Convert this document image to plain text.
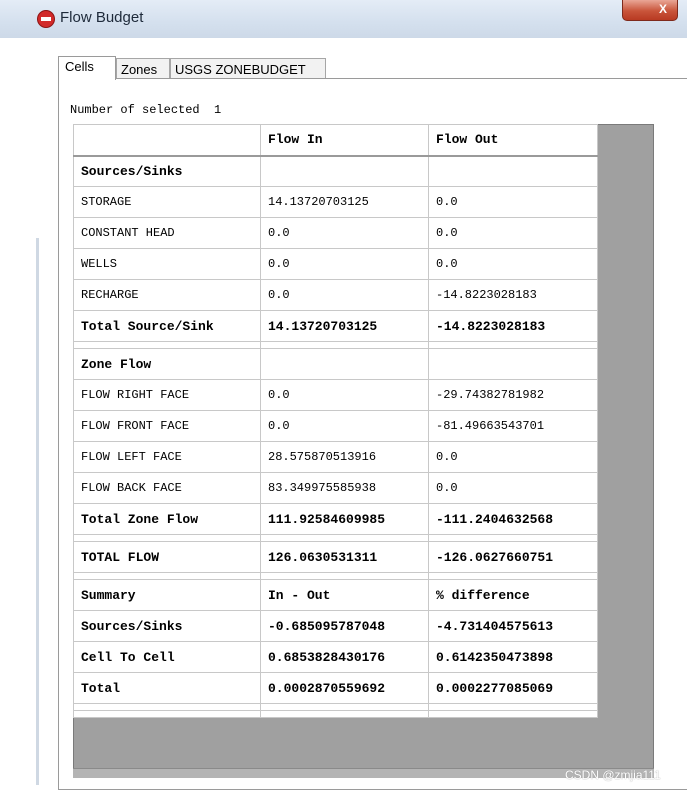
Flow Budget	X
Cells	Zones	USGS ZONEBUDGET
Number of selected 1
	Flow In	Flow Out
Sources/Sinks		
STORAGE	14.13720703125	0.0
CONSTANT HEAD	0.0	0.0
WELLS	0.0	0.0
RECHARGE	0.0	-14.8223028183
Total Source/Sink	14.13720703125	-14.8223028183

Zone Flow		
FLOW RIGHT FACE	0.0	-29.74382781982
FLOW FRONT FACE	0.0	-81.49663543701
FLOW LEFT FACE	28.575870513916	0.0
FLOW BACK FACE	83.349975585938	0.0
Total Zone Flow	111.92584609985	-111.2404632568

TOTAL FLOW	126.0630531311	-126.0627660751

Summary	In - Out	% difference
Sources/Sinks	-0.685095787048	-4.731404575613
Cell To Cell	0.6853828430176	0.6142350473898
Total	0.0002870559692	0.0002277085069

CSDN @zmjia111
